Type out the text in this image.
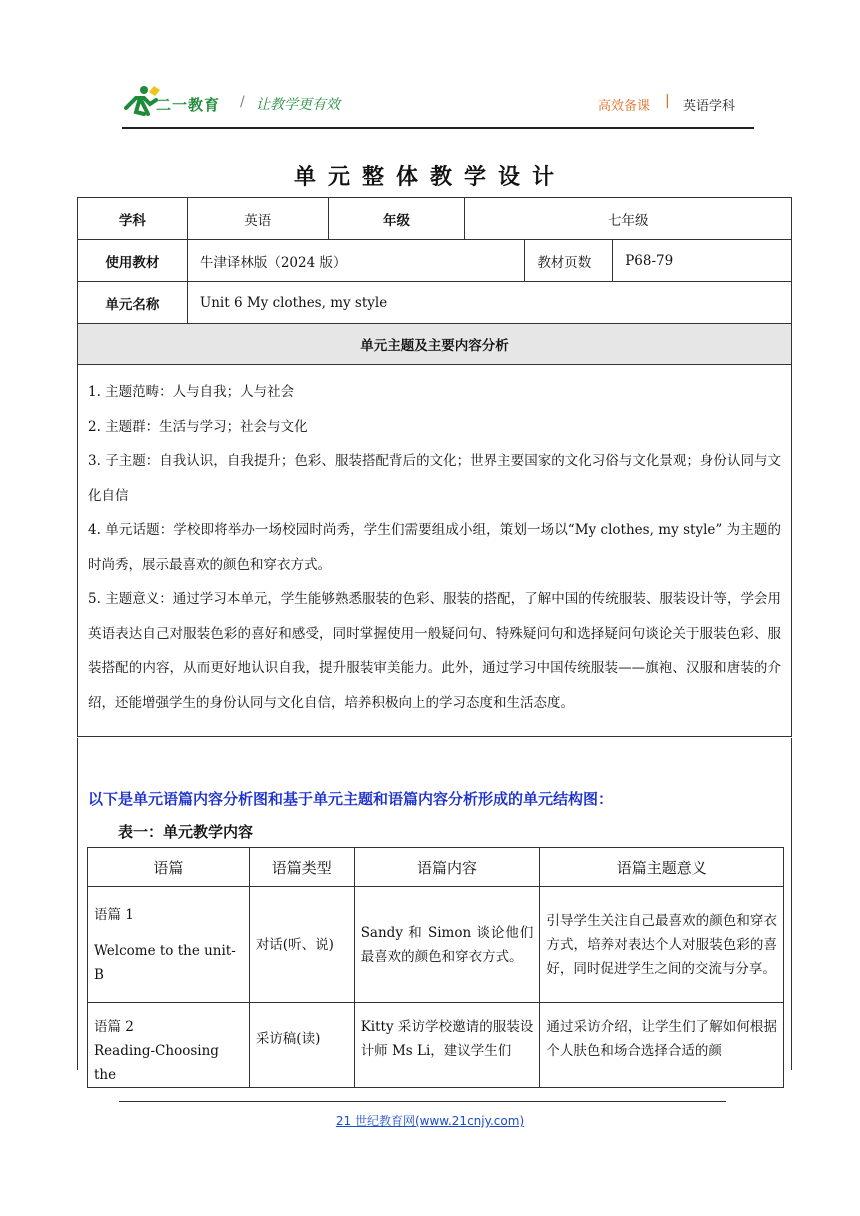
二一教育 / 让教学更有效	高效备课 | 英语学科
单元整体教学设计
学科	英语	年级	七年级		
使用教材	牛津译林版（2024 版）			教材页数	P68-79
单元名称	Unit 6 My clothes, my style				
单元主题及主要内容分析					

1. 主题范畴：人与自我；人与社会

2. 主题群：生活与学习；社会与文化

3. 子主题：自我认识，自我提升；色彩、服装搭配背后的文化；世界主要国家的文化习俗与文化景观；身份认同与文化自信

4. 单元话题：学校即将举办一场校园时尚秀，学生们需要组成小组，策划一场以“My clothes, my style” 为主题的时尚秀，展示最喜欢的颜色和穿衣方式。

5. 主题意义：通过学习本单元，学生能够熟悉服装的色彩、服装的搭配，了解中国的传统服装、服装设计等，学会用英语表达自己对服装色彩的喜好和感受，同时掌握使用一般疑问句、特殊疑问句和选择疑问句谈论关于服装色彩、服装搭配的内容，从而更好地认识自我，提升服装审美能力。此外，通过学习中国传统服装——旗袍、汉服和唐装的介绍，还能增强学生的身份认同与文化自信，培养积极向上的学习态度和生活态度。					

以下是单元语篇内容分析图和基于单元主题和语篇内容分析形成的单元结构图：
表一：单元教学内容
语篇	语篇类型	语篇内容	语篇主题意义

语篇 1
Welcome to the unit-B	对话(听、说)	Sandy 和 Simon 谈论他们最喜欢的颜色和穿衣方式。	引导学生关注自己最喜欢的颜色和穿衣方式，培养对表达个人对服装色彩的喜好，同时促进学生之间的交流与分享。

语篇 2
Reading-Choosing the	采访稿(读)	Kitty 采访学校邀请的服装设计师 Ms Li，建议学生们	通过采访介绍，让学生们了解如何根据个人肤色和场合选择合适的颜
21 世纪教育网(www.21cnjy.com)
